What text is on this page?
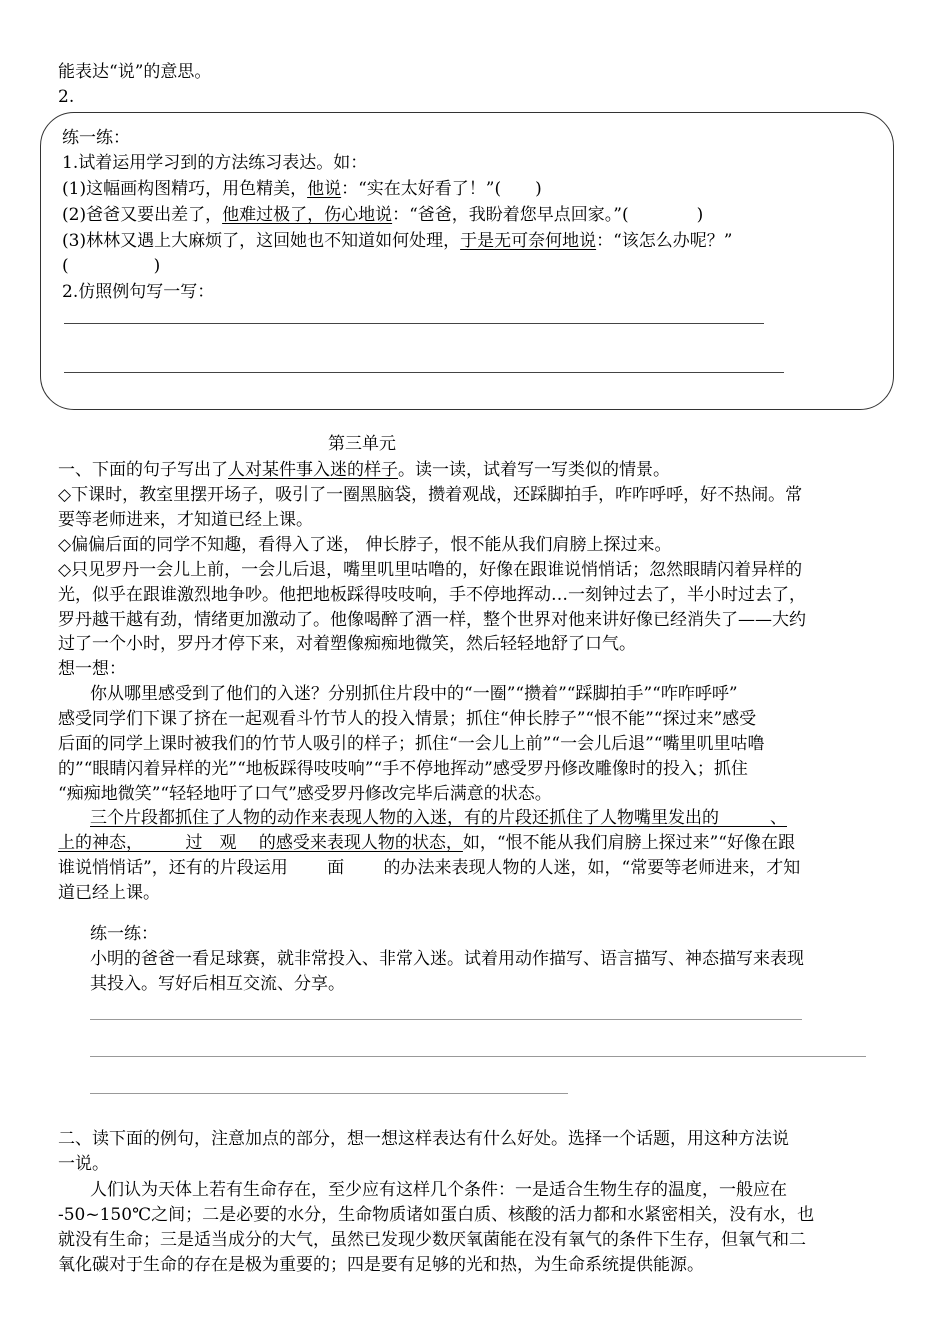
能表达“说”的意思。
2.
练一练：
1.试着运用学习到的方法练习表达。如：
(1)这幅画构图精巧，用色精美，他说：“实在太好看了！”(　　)
(2)爸爸又要出差了，他难过极了，伤心地说：“爸爸，我盼着您早点回家。”(　　　　)
(3)林林又遇上大麻烦了，这回她也不知道如何处理，于是无可奈何地说：“该怎么办呢？”
(　　　　　)
2.仿照例句写一写：
第三单元
一、下面的句子写出了人对某件事入迷的样子。读一读，试着写一写类似的情景。
◇下课时，教室里摆开场子，吸引了一圈黑脑袋，攒着观战，还踩脚拍手，咋咋呼呼，好不热闹。常
要等老师进来，才知道已经上课。
◇偏偏后面的同学不知趣，看得入了迷， 伸长脖子，恨不能从我们肩膀上探过来。
◇只见罗丹一会儿上前，一会儿后退，嘴里叽里咕噜的，好像在跟谁说悄悄话；忽然眼睛闪着异样的
光，似乎在跟谁激烈地争吵。他把地板踩得吱吱响，手不停地挥动…一刻钟过去了，半小时过去了，
罗丹越干越有劲，情绪更加激动了。他像喝醉了酒一样，整个世界对他来讲好像已经消失了——大约
过了一个小时，罗丹才停下来，对着塑像痴痴地微笑，然后轻轻地舒了口气。
想一想：
你从哪里感受到了他们的入迷？分别抓住片段中的“一圈”“攒着”“踩脚拍手”“咋咋呼呼”
感受同学们下课了挤在一起观看斗竹节人的投入情景；抓住“伸长脖子”“恨不能”“探过来”感受
后面的同学上课时被我们的竹节人吸引的样子；抓住“一会儿上前”“一会儿后退”“嘴里叽里咕噜
的”“眼睛闪着异样的光”“地板踩得吱吱响”“手不停地挥动”感受罗丹修改雕像时的投入；抓住
“痴痴地微笑”“轻轻地吁了口气”感受罗丹修改完毕后满意的状态。
三个片段都抓住了人物的动作来表现人物的入迷，有的片段还抓住了人物嘴里发出的　　　、
上的神态，　　　过　观　 的感受来表现人物的状态，如，“恨不能从我们肩膀上探过来”“好像在跟
谁说悄悄话”，还有的片段运用　　 面　　 的办法来表现人物的人迷，如，“常要等老师进来，才知
道已经上课。
练一练：
小明的爸爸一看足球赛，就非常投入、非常入迷。试着用动作描写、语言描写、神态描写来表现
其投入。写好后相互交流、分享。
二、读下面的例句，注意加点的部分，想一想这样表达有什么好处。选择一个话题，用这种方法说
一说。
人们认为天体上若有生命存在，至少应有这样几个条件：一是适合生物生存的温度，一般应在
-50~150℃之间；二是必要的水分，生命物质诸如蛋白质、核酸的活力都和水紧密相关，没有水，也
就没有生命；三是适当成分的大气，虽然已发现少数厌氧菌能在没有氧气的条件下生存，但氧气和二
氧化碳对于生命的存在是极为重要的；四是要有足够的光和热，为生命系统提供能源。
